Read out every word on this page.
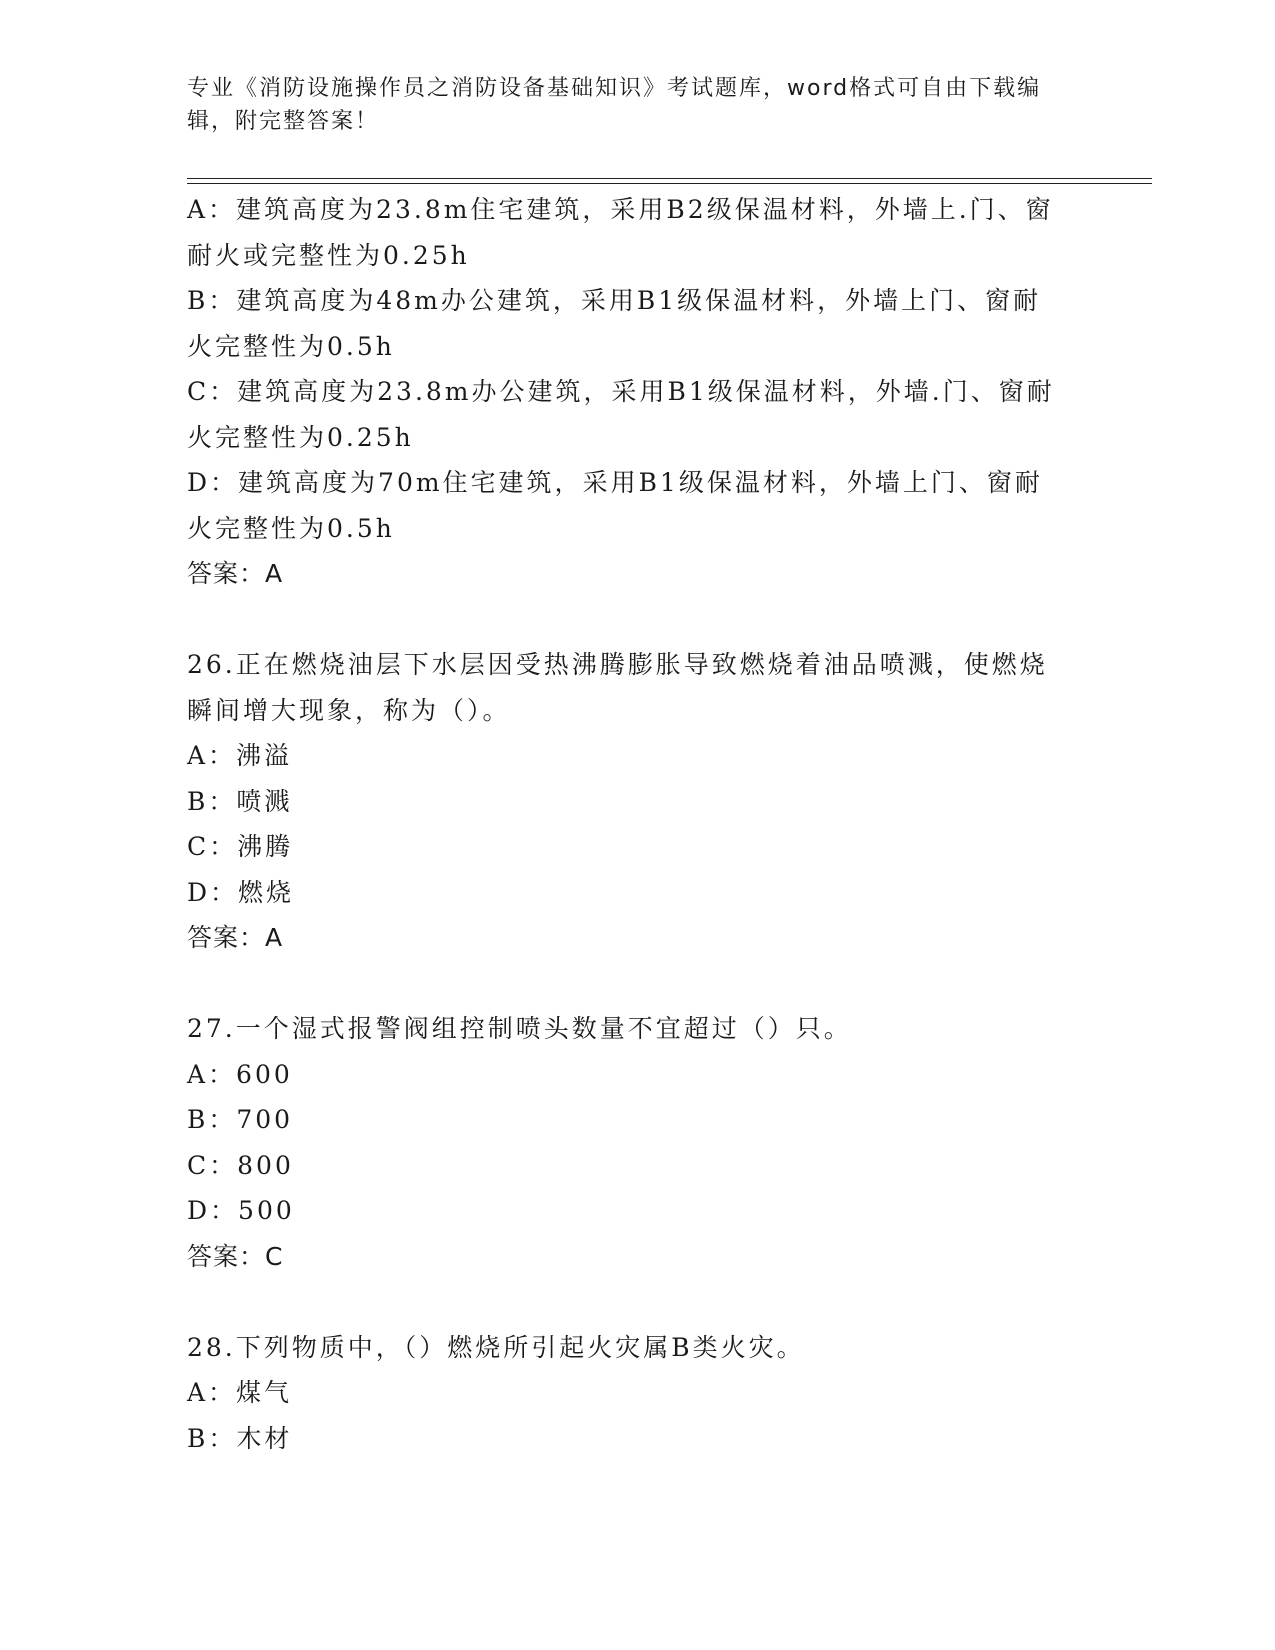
专业《消防设施操作员之消防设备基础知识》考试题库，word格式可自由下载编
辑，附完整答案！
A：建筑高度为23.8m住宅建筑，采用B2级保温材料，外墙上.门、窗
耐火或完整性为0.25h
B：建筑高度为48m办公建筑，采用B1级保温材料，外墙上门、窗耐
火完整性为0.5h
C：建筑高度为23.8m办公建筑，采用B1级保温材料，外墙.门、窗耐
火完整性为0.25h
D：建筑高度为70m住宅建筑，采用B1级保温材料，外墙上门、窗耐
火完整性为0.5h
答案：A
26.正在燃烧油层下水层因受热沸腾膨胀导致燃烧着油品喷溅，使燃烧
瞬间增大现象，称为（）。
A：沸溢
B：喷溅
C：沸腾
D：燃烧
答案：A
27.一个湿式报警阀组控制喷头数量不宜超过（）只。
A：600
B：700
C：800
D：500
答案：C
28.下列物质中，（）燃烧所引起火灾属B类火灾。
A：煤气
B：木材
